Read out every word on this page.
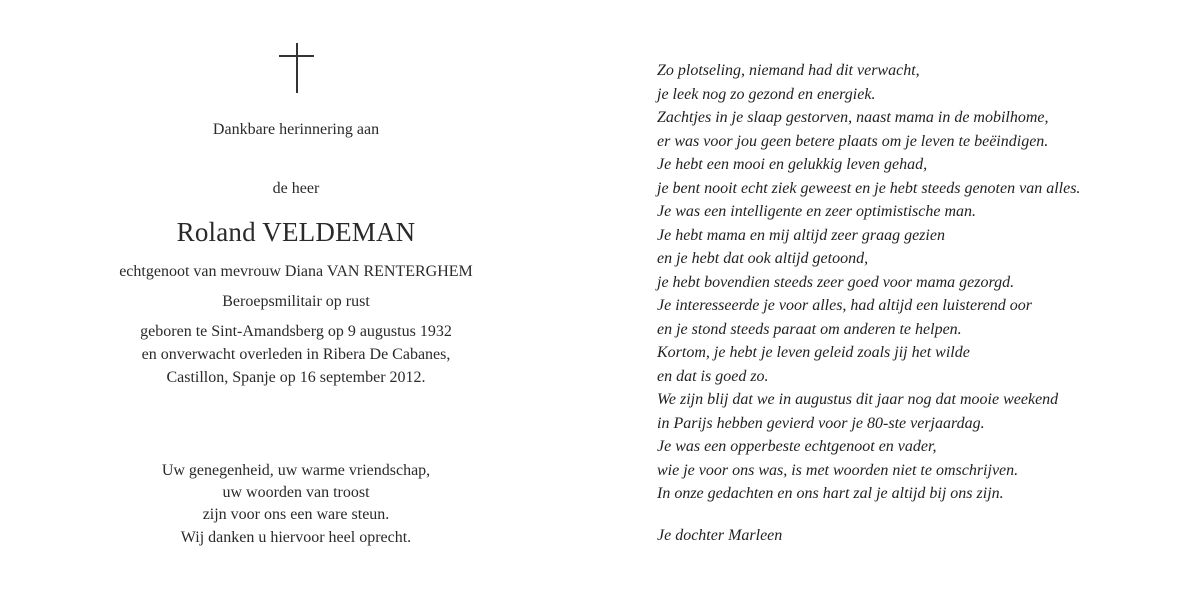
Dankbare herinnering aan
de heer
Roland VELDEMAN
echtgenoot van mevrouw Diana VAN RENTERGHEM
Beroepsmilitair op rust
geboren te Sint-Amandsberg op 9 augustus 1932
en onverwacht overleden in Ribera De Cabanes,
Castillon, Spanje op 16 september 2012.
Uw genegenheid, uw warme vriendschap,
uw woorden van troost
zijn voor ons een ware steun.
Wij danken u hiervoor heel oprecht.
Zo plotseling, niemand had dit verwacht,
je leek nog zo gezond en energiek.
Zachtjes in je slaap gestorven, naast mama in de mobilhome,
er was voor jou geen betere plaats om je leven te beëindigen.
Je hebt een mooi en gelukkig leven gehad,
je bent nooit echt ziek geweest en je hebt steeds genoten van alles.
Je was een intelligente en zeer optimistische man.
Je hebt mama en mij altijd zeer graag gezien
en je hebt dat ook altijd getoond,
je hebt bovendien steeds zeer goed voor mama gezorgd.
Je interesseerde je voor alles, had altijd een luisterend oor
en je stond steeds paraat om anderen te helpen.
Kortom, je hebt je leven geleid zoals jij het wilde
en dat is goed zo.
We zijn blij dat we in augustus dit jaar nog dat mooie weekend
in Parijs hebben gevierd voor je 80-ste verjaardag.
Je was een opperbeste echtgenoot en vader,
wie je voor ons was, is met woorden niet te omschrijven.
In onze gedachten en ons hart zal je altijd bij ons zijn.
Je dochter Marleen
